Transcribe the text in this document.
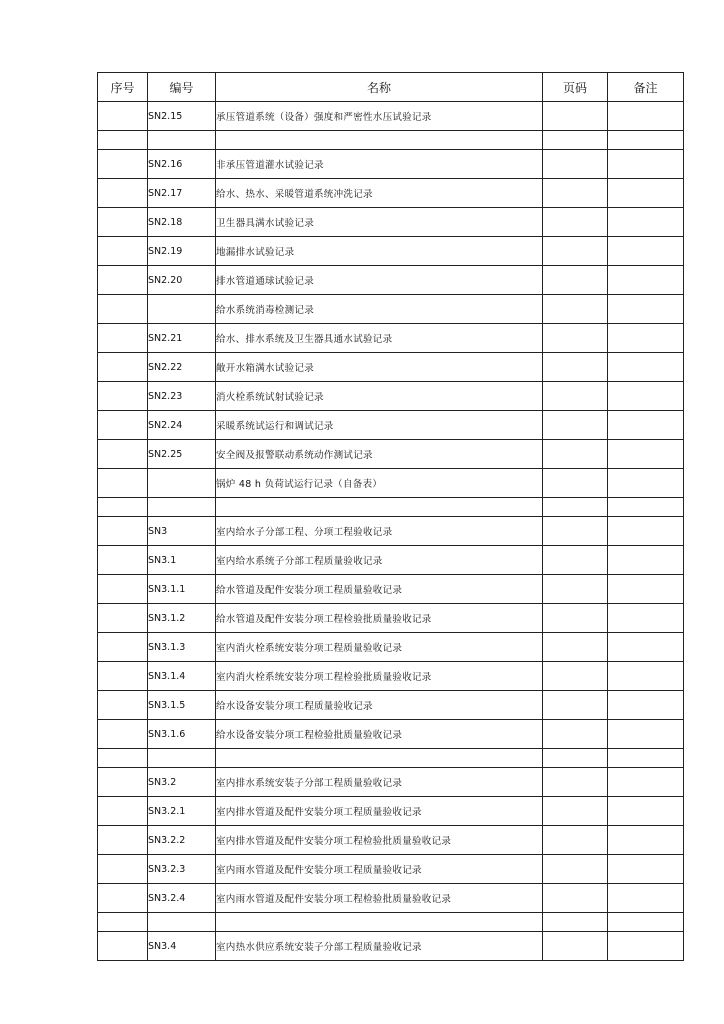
序号	编号	名称	页码	备注
	SN2.15	承压管道系统（设备）强度和严密性水压试验记录		

	SN2.16	非承压管道灌水试验记录		
	SN2.17	给水、热水、采暖管道系统冲洗记录		
	SN2.18	卫生器具满水试验记录		
	SN2.19	地漏排水试验记录		
	SN2.20	排水管道通球试验记录		
		给水系统消毒检测记录		
	SN2.21	给水、排水系统及卫生器具通水试验记录		
	SN2.22	敞开水箱满水试验记录		
	SN2.23	消火栓系统试射试验记录		
	SN2.24	采暖系统试运行和调试记录		
	SN2.25	安全阀及报警联动系统动作测试记录		
		锅炉 48 h 负荷试运行记录（自备表）		

	SN3	室内给水子分部工程、分项工程验收记录		
	SN3.1	室内给水系统子分部工程质量验收记录		
	SN3.1.1	给水管道及配件安装分项工程质量验收记录		
	SN3.1.2	给水管道及配件安装分项工程检验批质量验收记录		
	SN3.1.3	室内消火栓系统安装分项工程质量验收记录		
	SN3.1.4	室内消火栓系统安装分项工程检验批质量验收记录		
	SN3.1.5	给水设备安装分项工程质量验收记录		
	SN3.1.6	给水设备安装分项工程检验批质量验收记录		

	SN3.2	室内排水系统安装子分部工程质量验收记录		
	SN3.2.1	室内排水管道及配件安装分项工程质量验收记录		
	SN3.2.2	室内排水管道及配件安装分项工程检验批质量验收记录		
	SN3.2.3	室内雨水管道及配件安装分项工程质量验收记录		
	SN3.2.4	室内雨水管道及配件安装分项工程检验批质量验收记录		

	SN3.4	室内热水供应系统安装子分部工程质量验收记录		
